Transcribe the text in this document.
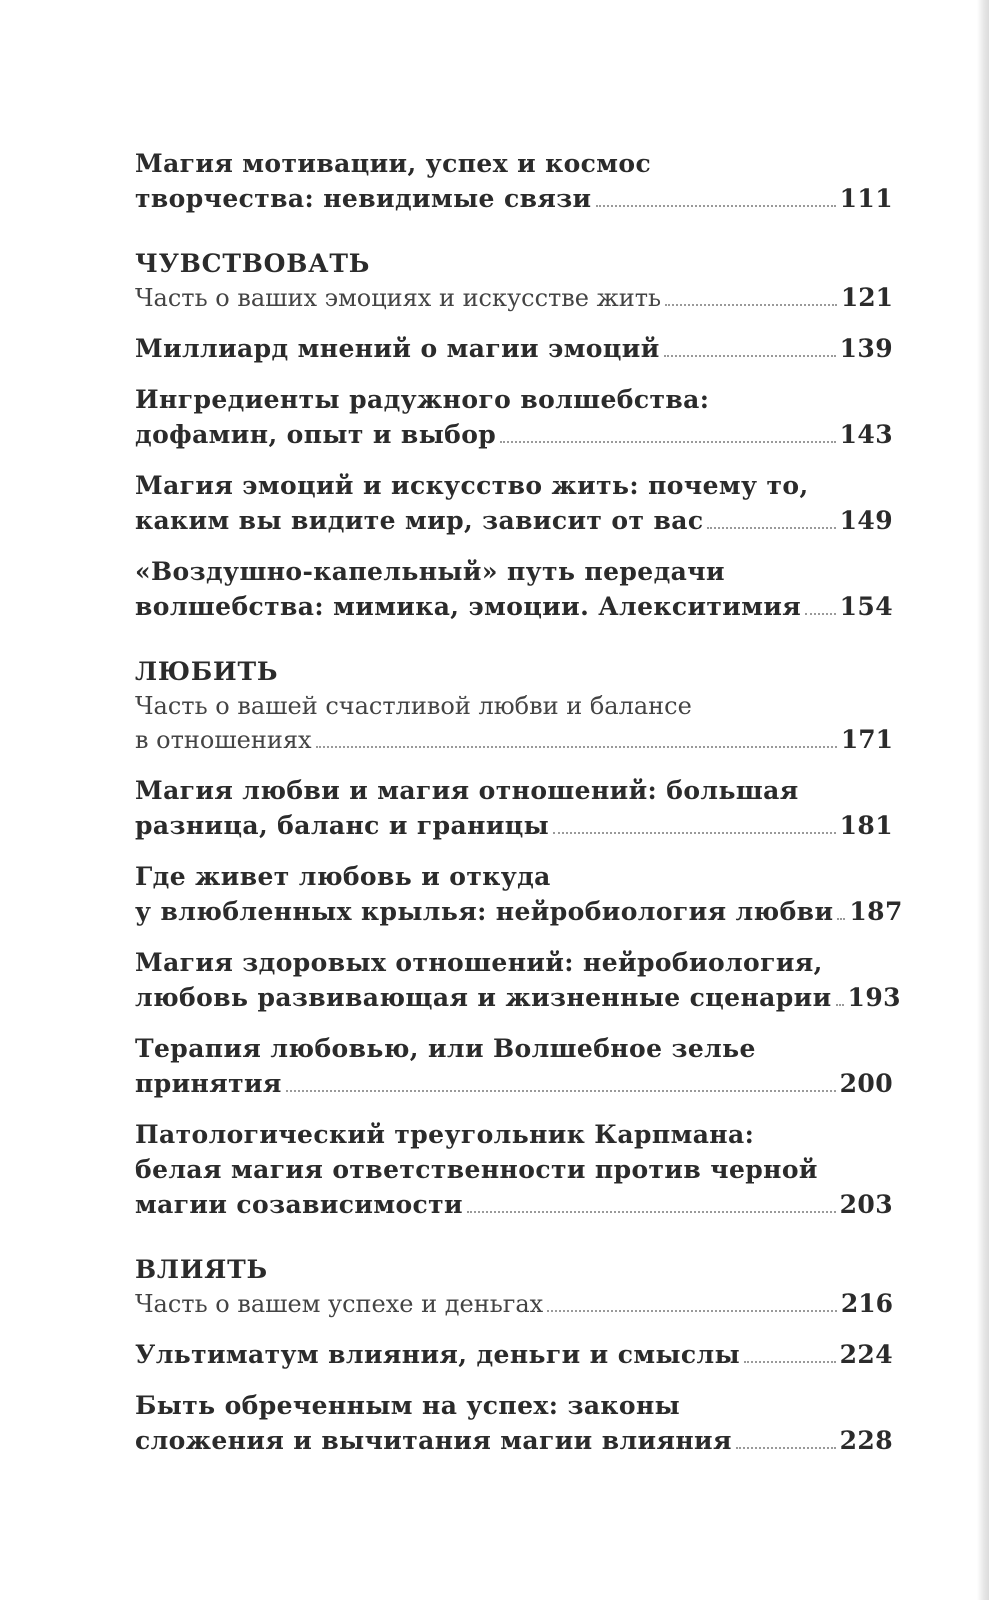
Магия мотивации, успех и космос
творчества: невидимые связи	111
ЧУВСТВОВАТЬ
Часть о ваших эмоциях и искусстве жить	121
Миллиард мнений о магии эмоций	139
Ингредиенты радужного волшебства:
дофамин, опыт и выбор	143
Магия эмоций и искусство жить: почему то,
каким вы видите мир, зависит от вас	149
«Воздушно-капельный» путь передачи
волшебства: мимика, эмоции. Алекситимия 154
ЛЮБИТЬ
Часть о вашей счастливой любви и балансе
в отношениях	171
Магия любви и магия отношений: большая
разница, баланс и границы	181
Где живет любовь и откуда
у влюбленных крылья: нейробиология любви 187
Магия здоровых отношений: нейробиология,
любовь развивающая и жизненные сценарии 193
Терапия любовью, или Волшебное зелье
принятия	200
Патологический треугольник Карпмана:
белая магия ответственности против черной
магии созависимости	203
ВЛИЯТЬ
Часть о вашем успехе и деньгах	216
Ультиматум влияния, деньги и смыслы	224
Быть обреченным на успех: законы
сложения и вычитания магии влияния	228
